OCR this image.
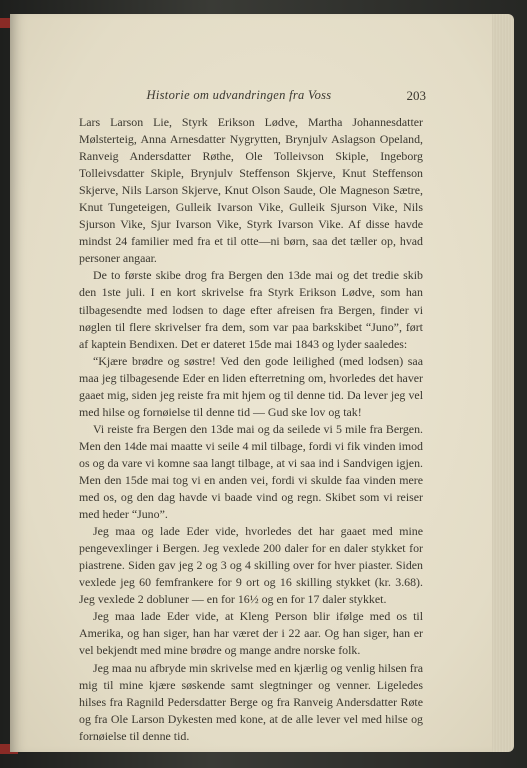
Historie om udvandringen fra Voss	203

Lars Larson Lie, Styrk Erikson Lødve, Martha Johannesdatter Mølsterteig, Anna Arnesdatter Nygrytten, Brynjulv Aslagson Opeland, Ranveig Andersdatter Røthe, Ole Tolleivson Skiple, Ingeborg Tolleivsdatter Skiple, Brynjulv Steffenson Skjerve, Knut Steffenson Skjerve, Nils Larson Skjerve, Knut Olson Saude, Ole Magneson Sætre, Knut Tungeteigen, Gulleik Ivarson Vike, Gulleik Sjurson Vike, Nils Sjurson Vike, Sjur Ivarson Vike, Styrk Ivarson Vike. Af disse havde mindst 24 familier med fra et til otte—ni børn, saa det tæller op, hvad personer angaar.

De to første skibe drog fra Bergen den 13de mai og det tredie skib den 1ste juli. I en kort skrivelse fra Styrk Erikson Lødve, som han tilbagesendte med lodsen to dage efter afreisen fra Bergen, finder vi nøglen til flere skrivelser fra dem, som var paa barkskibet “Juno”, ført af kaptein Bendixen. Det er dateret 15de mai 1843 og lyder saaledes:

“Kjære brødre og søstre! Ved den gode leilighed (med lodsen) saa maa jeg tilbagesende Eder en liden efterretning om, hvorledes det haver gaaet mig, siden jeg reiste fra mit hjem og til denne tid. Da lever jeg vel med hilse og fornøielse til denne tid — Gud ske lov og tak!

Vi reiste fra Bergen den 13de mai og da seilede vi 5 mile fra Bergen. Men den 14de mai maatte vi seile 4 mil tilbage, fordi vi fik vinden imod os og da vare vi komne saa langt tilbage, at vi saa ind i Sandvigen igjen. Men den 15de mai tog vi en anden vei, fordi vi skulde faa vinden mere med os, og den dag havde vi baade vind og regn. Skibet som vi reiser med heder “Juno”.

Jeg maa og lade Eder vide, hvorledes det har gaaet med mine pengevexlinger i Bergen. Jeg vexlede 200 daler for en daler stykket for piastrene. Siden gav jeg 2 og 3 og 4 skilling over for hver piaster. Siden vexlede jeg 60 femfrankere for 9 ort og 16 skilling stykket (kr. 3.68). Jeg vexlede 2 dobluner — en for 16½ og en for 17 daler stykket.

Jeg maa lade Eder vide, at Kleng Person blir ifølge med os til Amerika, og han siger, han har været der i 22 aar. Og han siger, han er vel bekjendt med mine brødre og mange andre norske folk.

Jeg maa nu afbryde min skrivelse med en kjærlig og venlig hilsen fra mig til mine kjære søskende samt slegtninger og venner. Ligeledes hilses fra Ragnild Pedersdatter Berge og fra Ranveig Andersdatter Røte og fra Ole Larson Dykesten med kone, at de alle lever vel med hilse og fornøielse til denne tid.
